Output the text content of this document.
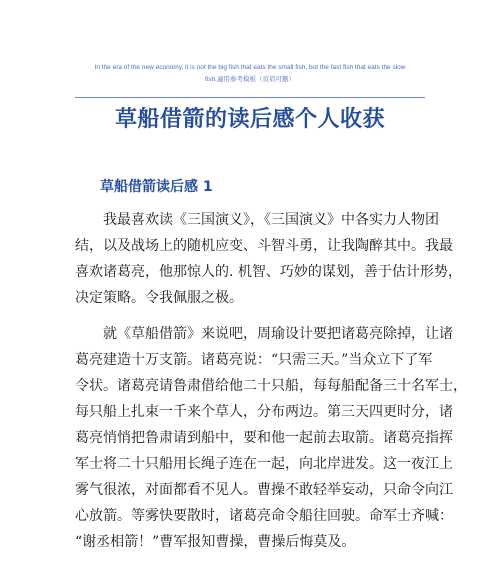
In the era of the new economy, it is not the big fish that eats the small fish, but the fast fish that eats the slow
fish.適用参考模板（页眉可删）
草船借箭的读后感个人收获
草船借箭读后感 1
我最喜欢读《三国演义》，《三国演义》中各实力人物团
结，以及战场上的随机应变、斗智斗勇，让我陶醉其中。我最
喜欢诸葛亮，他那惊人的. 机智、巧妙的谋划，善于估计形势，
决定策略。令我佩服之极。
就《草船借箭》来说吧，周瑜设计要把诸葛亮除掉，让诸
葛亮建造十万支箭。诸葛亮说：“只需三天。”当众立下了军
令状。诸葛亮请鲁肃借给他二十只船，每每船配备三十名军士，
每只船上扎束一千来个草人，分布两边。第三天四更时分，诸
葛亮悄悄把鲁肃请到船中，要和他一起前去取箭。诸葛亮指挥
军士将二十只船用长绳子连在一起，向北岸进发。这一夜江上
雾气很浓，对面都看不见人。曹操不敢轻举妄动，只命令向江
心放箭。等雾快要散时，诸葛亮命令船往回驶。命军士齐喊：
“谢丞相箭！”曹军报知曹操，曹操后悔莫及。
